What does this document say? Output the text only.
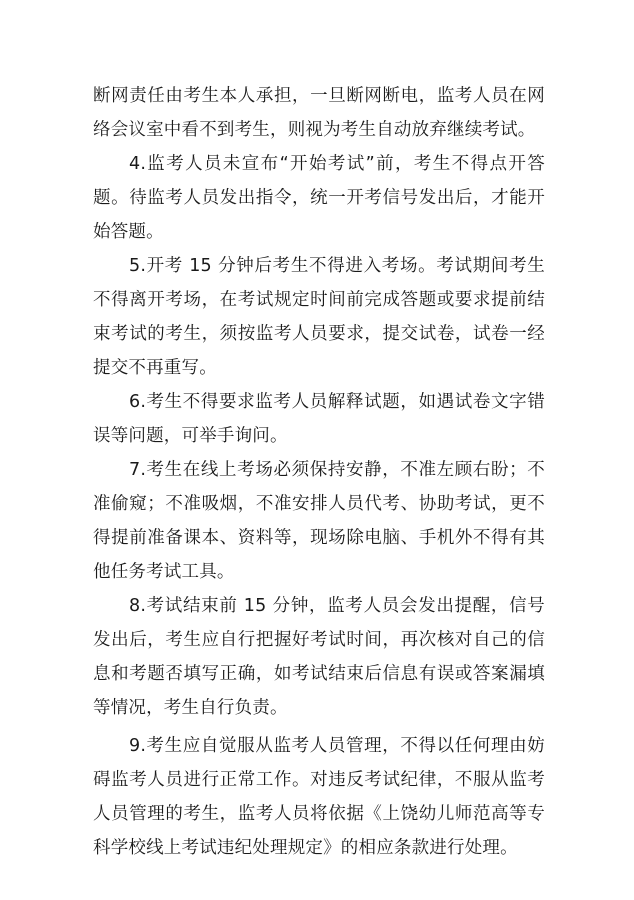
断网责任由考生本人承担，一旦断网断电，监考人员在网络会议室中看不到考生，则视为考生自动放弃继续考试。

4.监考人员未宣布“开始考试”前，考生不得点开答题。待监考人员发出指令，统一开考信号发出后，才能开始答题。

5.开考 15 分钟后考生不得进入考场。考试期间考生不得离开考场，在考试规定时间前完成答题或要求提前结束考试的考生，须按监考人员要求，提交试卷，试卷一经提交不再重写。

6.考生不得要求监考人员解释试题，如遇试卷文字错误等问题，可举手询问。

7.考生在线上考场必须保持安静，不准左顾右盼；不准偷窥；不准吸烟，不准安排人员代考、协助考试，更不得提前准备课本、资料等，现场除电脑、手机外不得有其他任务考试工具。

8.考试结束前 15 分钟，监考人员会发出提醒，信号发出后，考生应自行把握好考试时间，再次核对自己的信息和考题否填写正确，如考试结束后信息有误或答案漏填等情况，考生自行负责。

9.考生应自觉服从监考人员管理，不得以任何理由妨碍监考人员进行正常工作。对违反考试纪律，不服从监考人员管理的考生，监考人员将依据《上饶幼儿师范高等专科学校线上考试违纪处理规定》的相应条款进行处理。
